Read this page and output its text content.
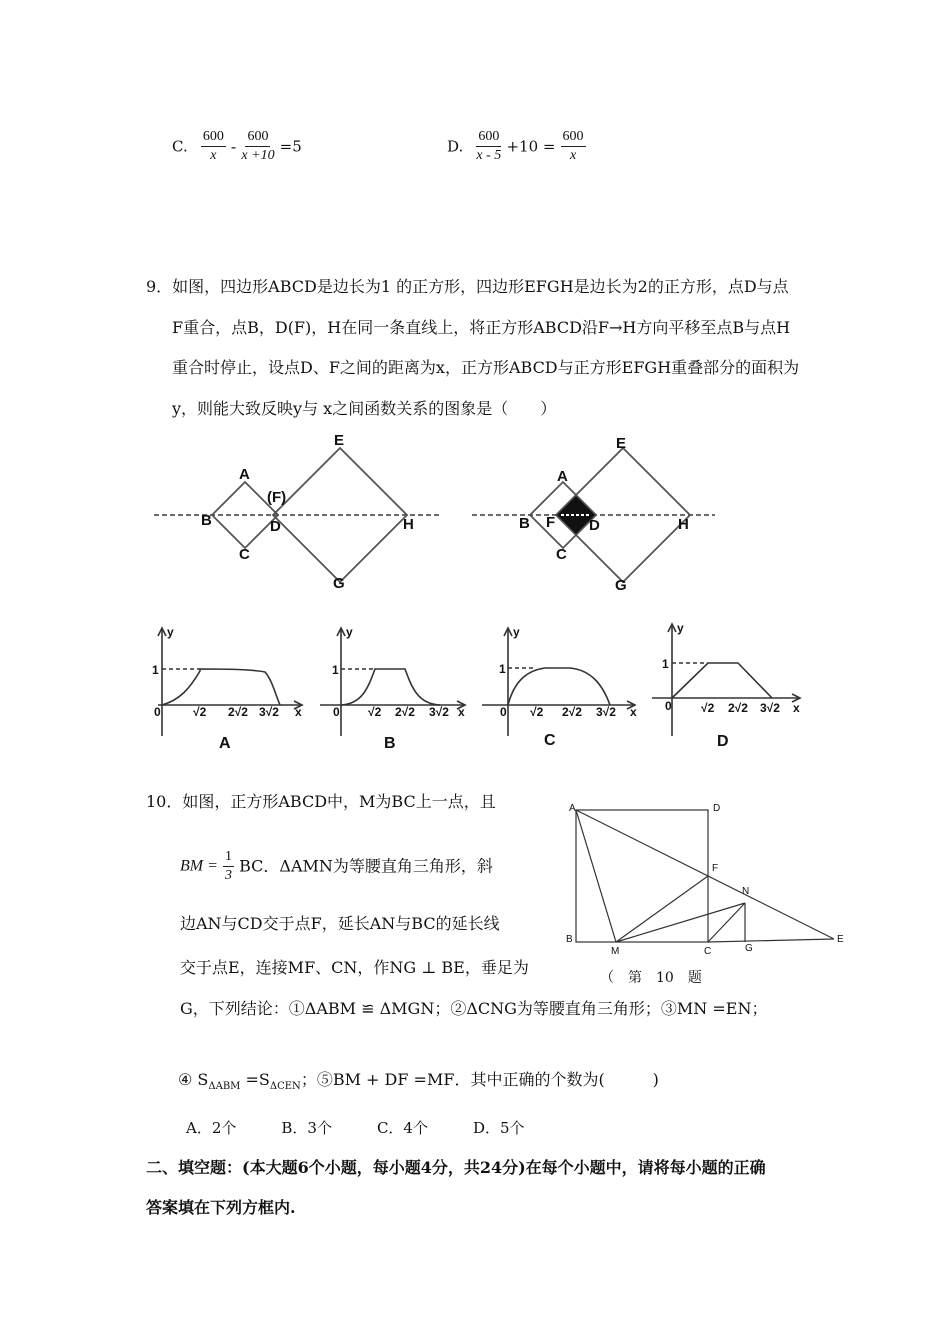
C. $\frac{600}{x} - \frac{600}{x +10} =5$	D. $\frac{600}{x - 5} +10 = \frac{600}{x}$
9．如图，四边形ABCD是边长为1 的正方形，四边形EFGH是边长为2的正方形，点D与点
F重合，点B，D(F)，H在同一条直线上，将正方形ABCD沿F→H方向平移至点B与点H
重合时停止，设点D、F之间的距离为x，正方形ABCD与正方形EFGH重叠部分的面积为
y，则能大致反映y与 x之间函数关系的图象是（　　）
A
B
C
D
E
(F)
G
H
A
B
C
D
E
F
G
H
y
1
0	√2 2√2 3√2 x
y
1
0 √2 2√2 3√2 x
y
1
0 √2 2√2 3√2 x
y
1
0 √2 2√2 3√2 x
A	B	C	D
10．如图，正方形ABCD中，M为BC上一点，且
BM = $\frac{1}{3}$ BC．ΔAMN为等腰直角三角形，斜
边AN与CD交于点F，延长AN与BC的延长线
交于点E，连接MF、CN，作NG ⊥ BE，垂足为
G，下列结论：①ΔABM ≌ ΔMGN；②ΔCNG为等腰直角三角形；③MN =EN；
④ $S_{\Delta ABM} =S_{\Delta CEN}$；⑤BM + DF =MF．其中正确的个数为(　　　)
A．2个　　　B．3个　　　C．4个　　　D．5个
A	D
B
M	C	G
E
F
N
（　第　10　题
二、填空题：(本大题6个小题，每小题4分，共24分)在每个小题中，请将每小题的正确
答案填在下列方框内.
